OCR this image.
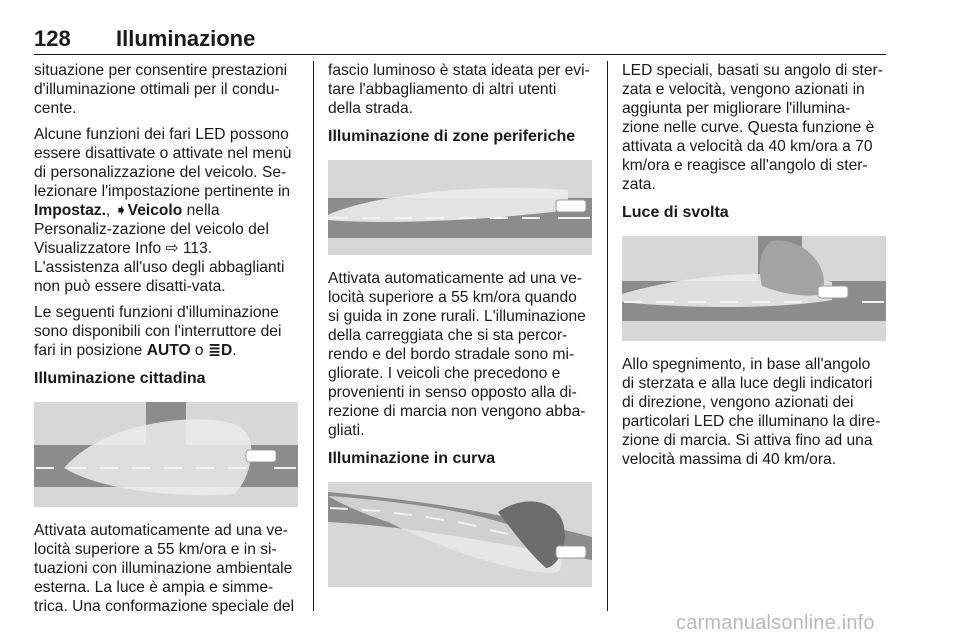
128 Illuminazione

situazione per consentire prestazioni d'illuminazione ottimali per il condu-cente.

Alcune funzioni dei fari LED possono essere disattivate o attivate nel menù di personalizzazione del veicolo. Se-lezionare l'impostazione pertinente in Impostaz., ➧Veicolo nella Personaliz-zazione del veicolo del Visualizzatore Info ⇨ 113. L'assistenza all'uso degli abbaglianti non può essere disatti-vata.

Le seguenti funzioni d'illuminazione sono disponibili con l'interruttore dei fari in posizione AUTO o ≣D.

Illuminazione cittadina

Attivata automaticamente ad una ve-locità superiore a 55 km/ora e in si-tuazioni con illuminazione ambientale esterna. La luce è ampia e simme-trica. Una conformazione speciale del

fascio luminoso è stata ideata per evi-tare l'abbagliamento di altri utenti della strada.

Illuminazione di zone periferiche

Attivata automaticamente ad una ve-locità superiore a 55 km/ora quando si guida in zone rurali. L'illuminazione della carreggiata che si sta percor-rendo e del bordo stradale sono mi-gliorate. I veicoli che precedono e provenienti in senso opposto alla di-rezione di marcia non vengono abba-gliati.

Illuminazione in curva

LED speciali, basati su angolo di ster-zata e velocità, vengono azionati in aggiunta per migliorare l'illumina-zione nelle curve. Questa funzione è attivata a velocità da 40 km/ora a 70 km/ora e reagisce all'angolo di ster-zata.

Luce di svolta

Allo spegnimento, in base all'angolo di sterzata e alla luce degli indicatori di direzione, vengono azionati dei particolari LED che illuminano la dire-zione di marcia. Si attiva fino ad una velocità massima di 40 km/ora.

carmanualsonline.info
